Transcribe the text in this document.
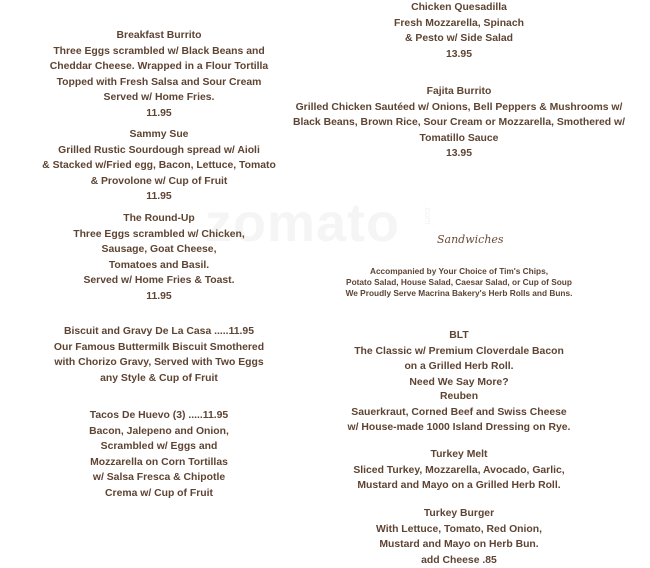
zomato	.com
Breakfast Burrito
Three Eggs scrambled w/ Black Beans and
Cheddar Cheese. Wrapped in a Flour Tortilla
Topped with Fresh Salsa and Sour Cream
Served w/ Home Fries.
11.95
Sammy Sue
Grilled Rustic Sourdough spread w/ Aioli
& Stacked w/Fried egg, Bacon, Lettuce, Tomato
& Provolone w/ Cup of Fruit
11.95
The Round-Up
Three Eggs scrambled w/ Chicken,
Sausage, Goat Cheese,
Tomatoes and Basil.
Served w/ Home Fries & Toast.
11.95
Biscuit and Gravy De La Casa .....11.95
Our Famous Buttermilk Biscuit Smothered
with Chorizo Gravy, Served with Two Eggs
any Style & Cup of Fruit
Tacos De Huevo (3) .....11.95
Bacon, Jalepeno and Onion,
Scrambled w/ Eggs and
Mozzarella on Corn Tortillas
w/ Salsa Fresca & Chipotle
Crema w/ Cup of Fruit
Chicken Quesadilla
Fresh Mozzarella, Spinach
& Pesto w/ Side Salad
13.95
Fajita Burrito
Grilled Chicken Sautéed w/ Onions, Bell Peppers & Mushrooms w/
Black Beans, Brown Rice, Sour Cream or Mozzarella, Smothered w/
Tomatillo Sauce
13.95
Sandwiches
Accompanied by Your Choice of Tim's Chips,
Potato Salad, House Salad, Caesar Salad, or Cup of Soup
We Proudly Serve Macrina Bakery's Herb Rolls and Buns.
BLT
The Classic w/ Premium Cloverdale Bacon
on a Grilled Herb Roll.
Need We Say More?
Reuben
Sauerkraut, Corned Beef and Swiss Cheese
w/ House-made 1000 Island Dressing on Rye.
Turkey Melt
Sliced Turkey, Mozzarella, Avocado, Garlic,
Mustard and Mayo on a Grilled Herb Roll.
Turkey Burger
With Lettuce, Tomato, Red Onion,
Mustard and Mayo on Herb Bun.
add Cheese .85
